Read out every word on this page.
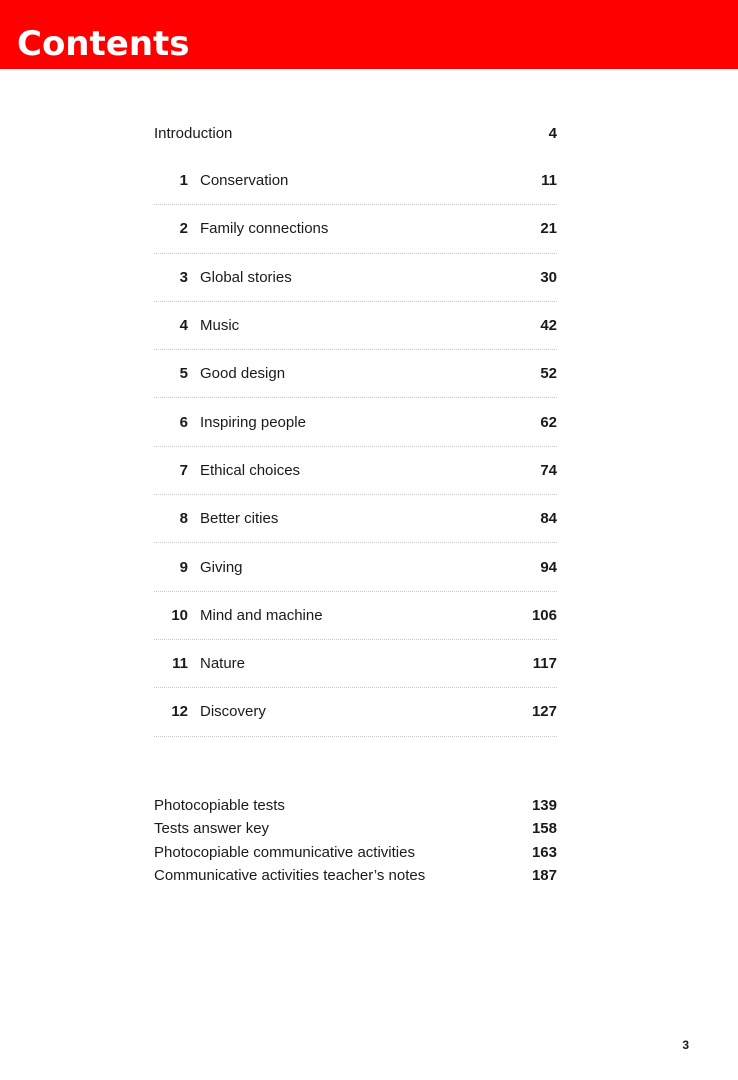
Contents
Introduction	4
1 Conservation	11
2 Family connections	21
3 Global stories	30
4 Music	42
5 Good design	52
6 Inspiring people	62
7 Ethical choices	74
8 Better cities	84
9 Giving	94
10 Mind and machine	106
11 Nature	117
12 Discovery	127
Photocopiable tests	139
Tests answer key	158
Photocopiable communicative activities	163
Communicative activities teacher’s notes	187
3
